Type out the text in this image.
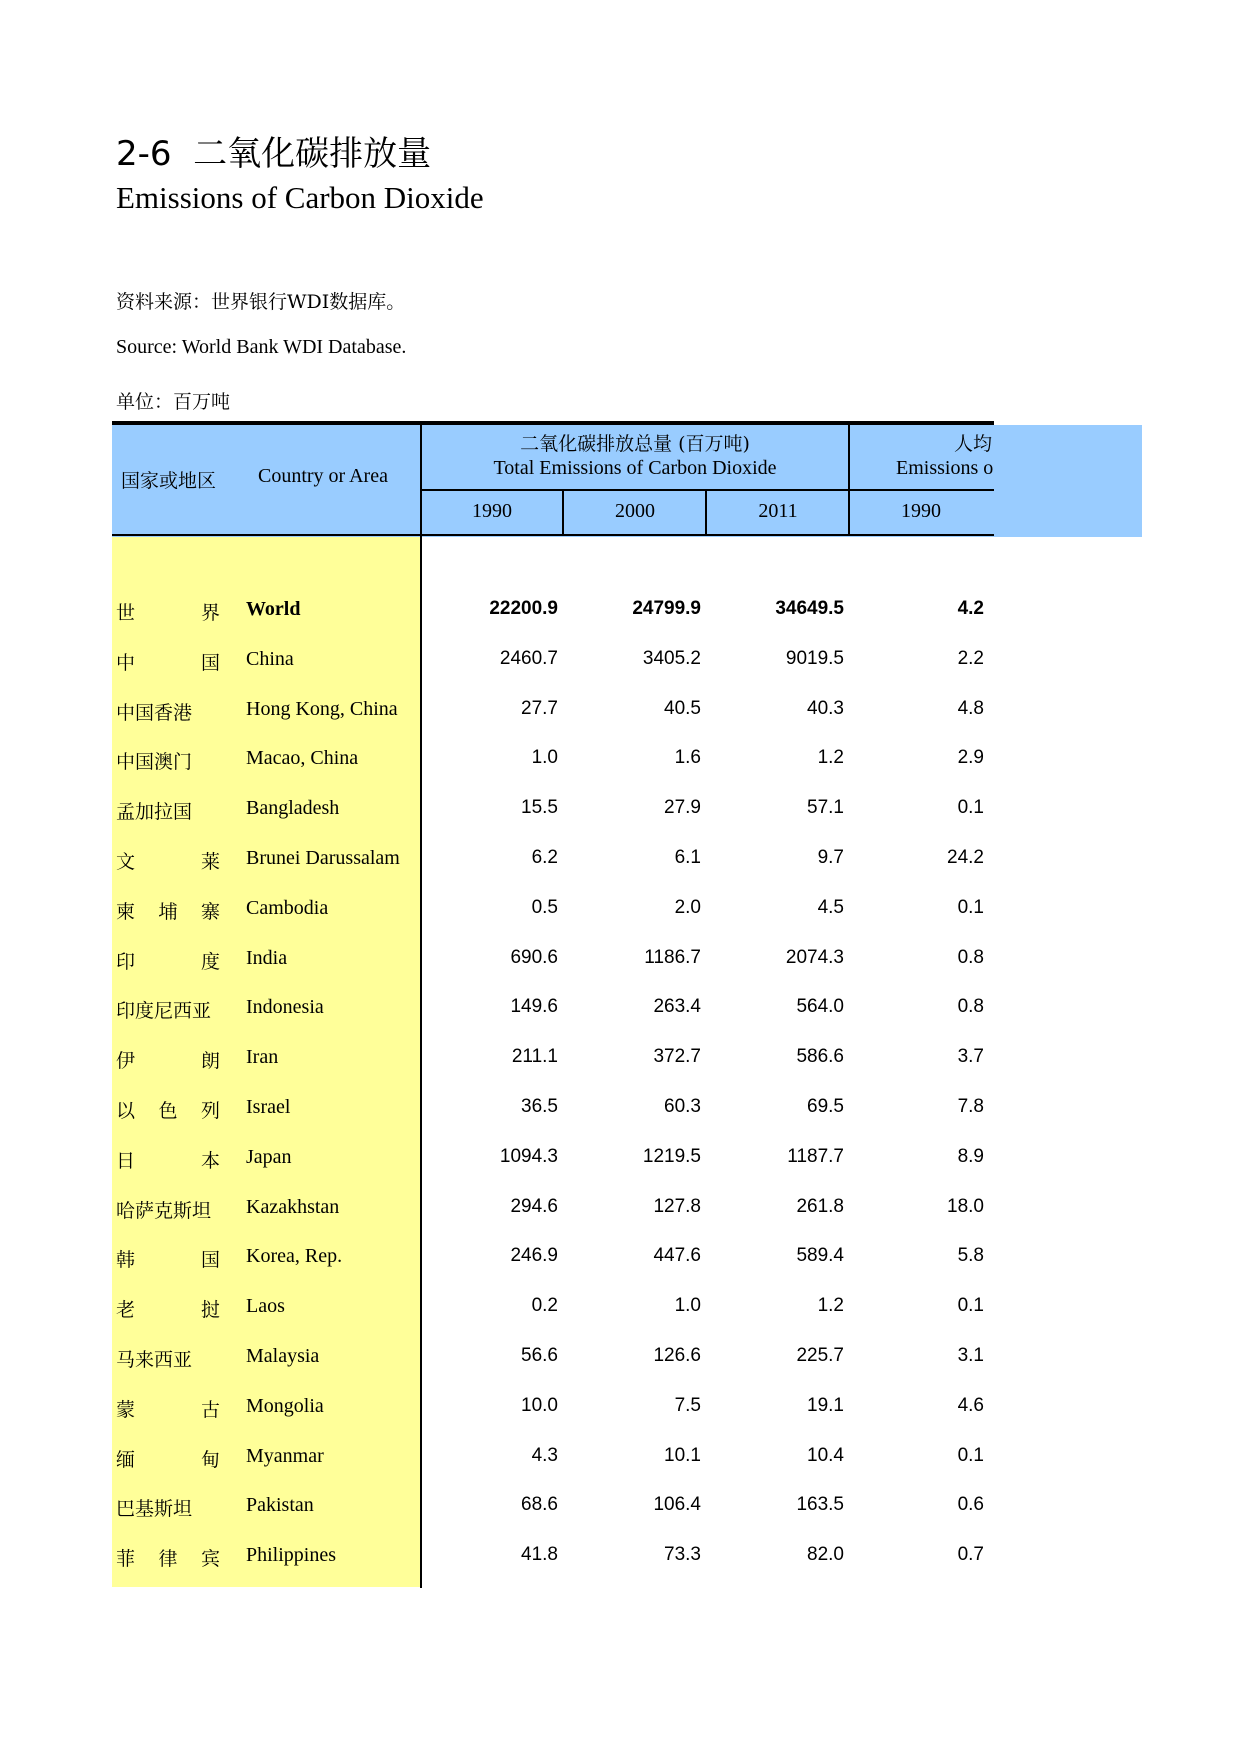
2-6 二氧化碳排放量
Emissions of Carbon Dioxide
资料来源：世界银行WDI数据库。
Source: World Bank WDI Database.
单位：百万吨
国家或地区 Country or Area
二氧化碳排放总量 (百万吨)
Total Emissions of Carbon Dioxide
人均
Emissions o
1990	2000	2011	1990
世　界 World	22200.9	24799.9	34649.5	4.2
中　国 China	2460.7	3405.2	9019.5	2.2
中国香港	Hong Kong, China	27.7	40.5	40.3	4.8
中国澳门	Macao, China	1.0	1.6	1.2	2.9
孟加拉国	Bangladesh	15.5	27.9	57.1	0.1
文　莱 Brunei Darussalam	6.2	6.1	9.7	24.2
柬埔寨 Cambodia	0.5	2.0	4.5	0.1
印　度 India	690.6	1186.7	2074.3	0.8
印度尼西亚	Indonesia	149.6	263.4	564.0	0.8
伊　朗 Iran	211.1	372.7	586.6	3.7
以色列 Israel	36.5	60.3	69.5	7.8
日　本 Japan	1094.3	1219.5	1187.7	8.9
哈萨克斯坦	Kazakhstan	294.6	127.8	261.8	18.0
韩　国 Korea, Rep.	246.9	447.6	589.4	5.8
老　挝 Laos	0.2	1.0	1.2	0.1
马来西亚	Malaysia	56.6	126.6	225.7	3.1
蒙　古 Mongolia	10.0	7.5	19.1	4.6
缅　甸 Myanmar	4.3	10.1	10.4	0.1
巴基斯坦	Pakistan	68.6	106.4	163.5	0.6
菲律宾 Philippines	41.8	73.3	82.0	0.7
